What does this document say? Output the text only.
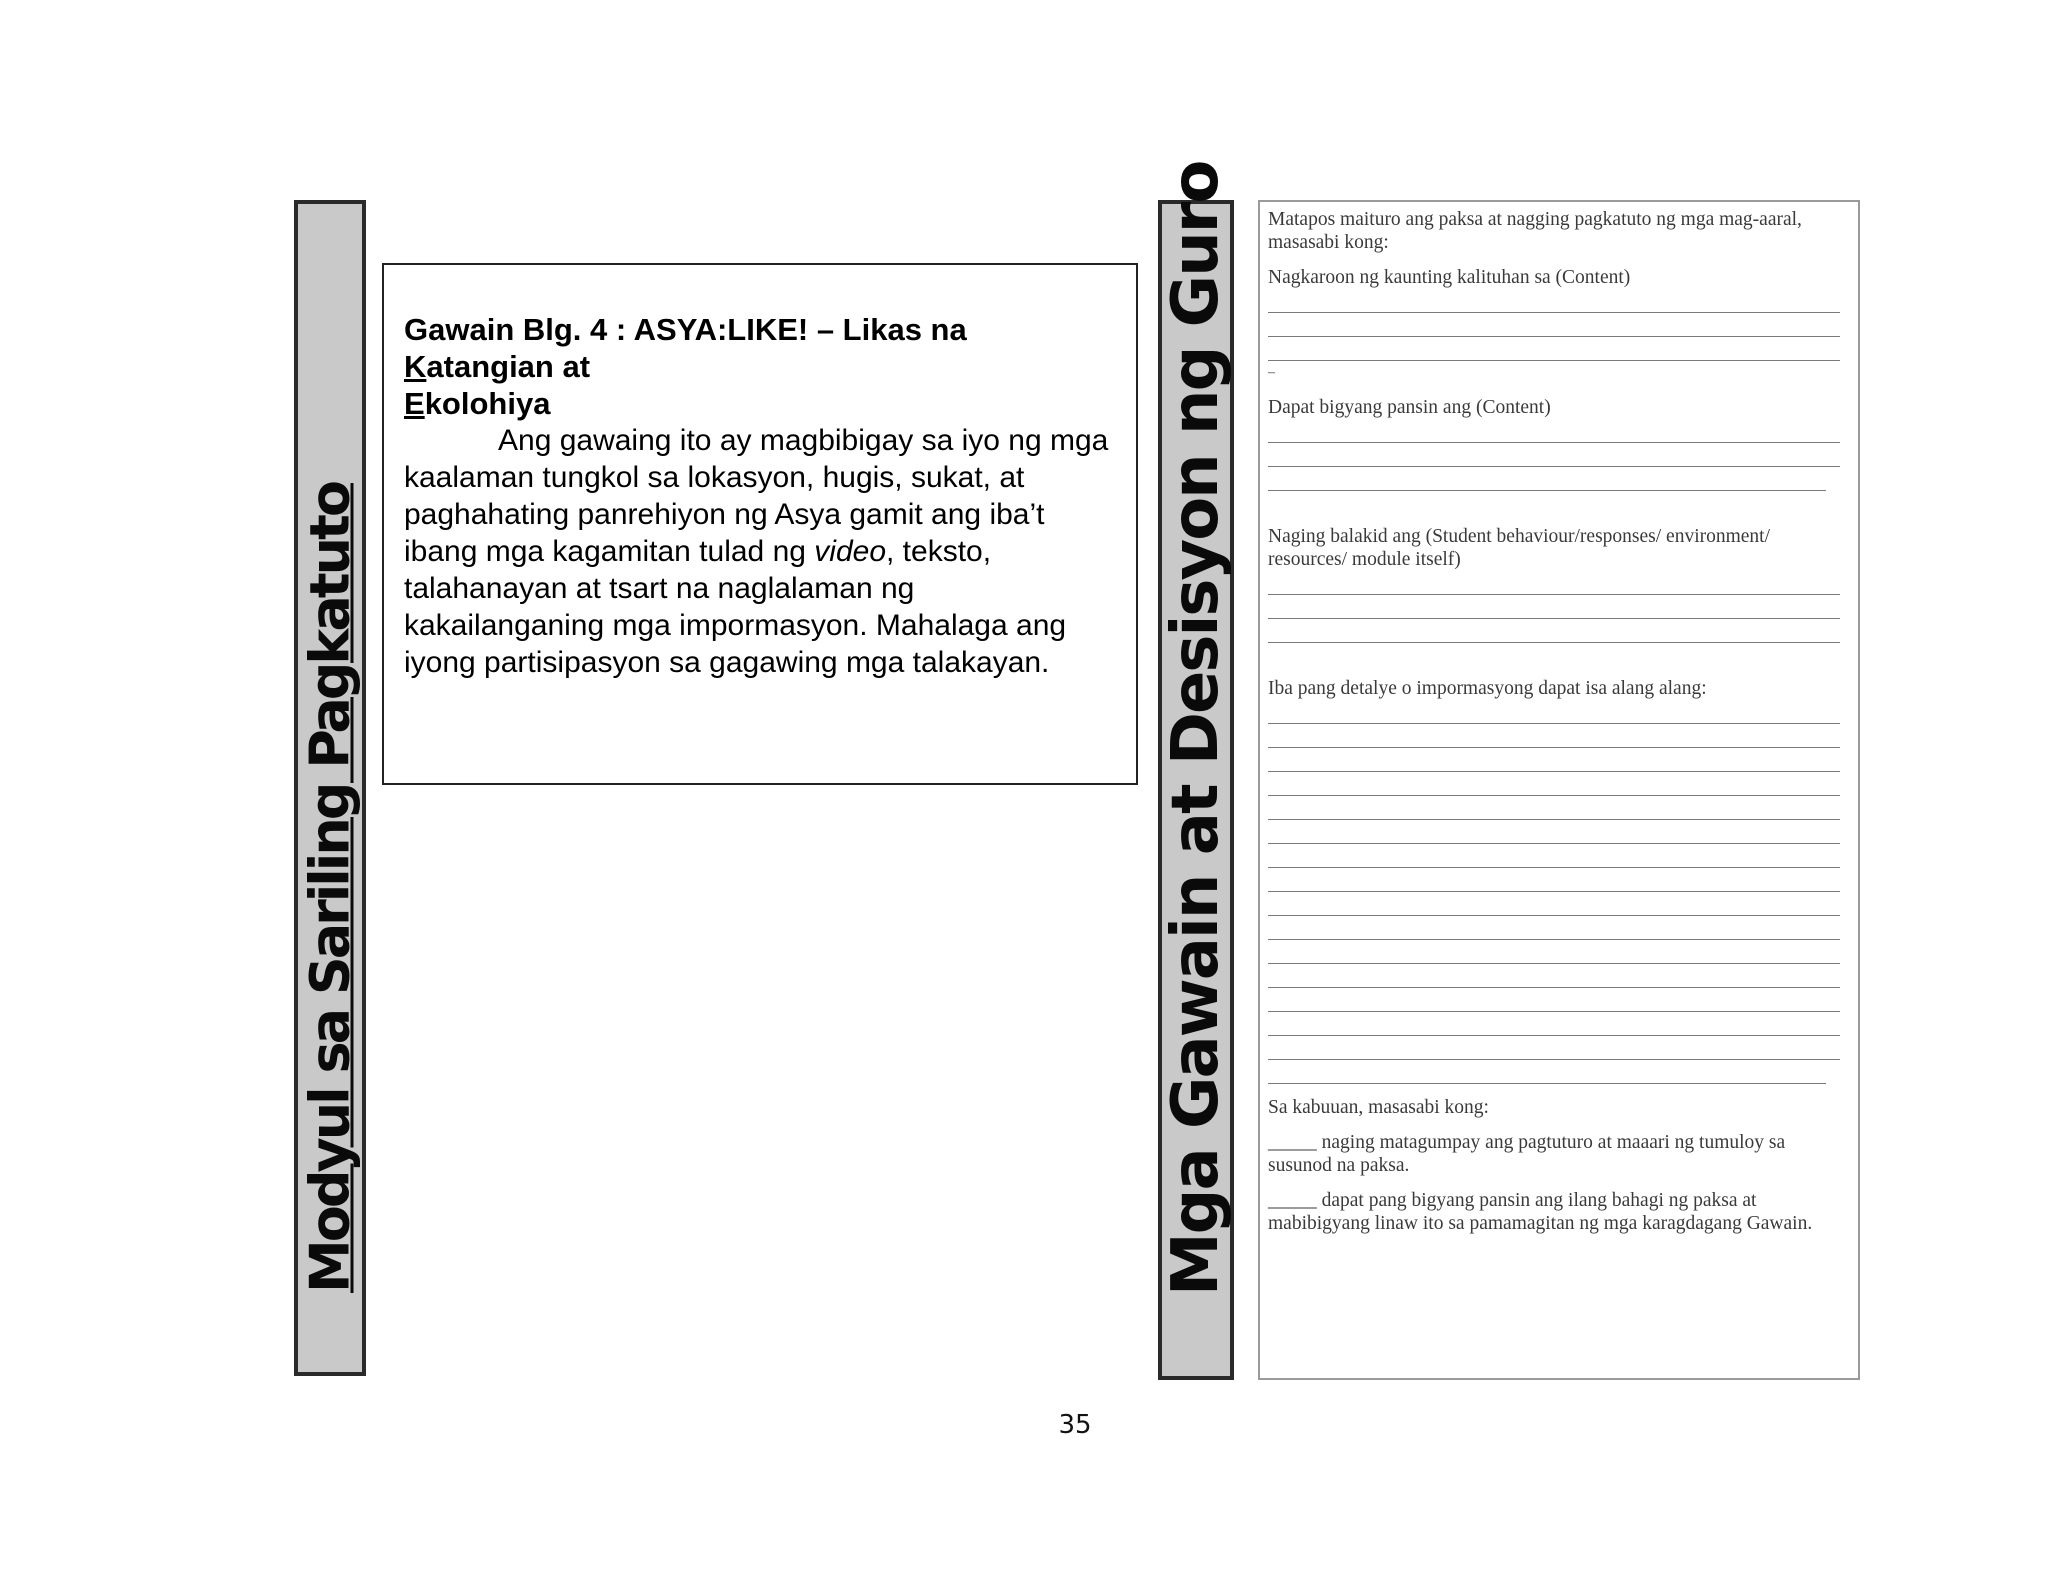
Modyul sa Sariling Pagkatuto

Gawain Blg. 4 : ASYA:LIKE! – Likas na
Katangian at
Ekolohiya

Ang gawaing ito ay magbibigay sa iyo ng mga kaalaman tungkol sa lokasyon, hugis, sukat, at paghahating panrehiyon ng Asya gamit ang iba’t ibang mga kagamitan tulad ng video, teksto, talahanayan at tsart na naglalaman ng kakailanganing mga impormasyon. Mahalaga ang iyong partisipasyon sa gagawing mga talakayan.	Mga Gawain at Desisyon ng Guro Matapos maituro ang paksa at nagging pagkatuto ng mga mag-aaral, masasabi kong:

Nagkaroon ng kaunting kalituhan sa (Content)

–

Dapat bigyang pansin ang (Content)

Naging balakid ang (Student behaviour/responses/ environment/ resources/ module itself)

Iba pang detalye o impormasyong dapat isa alang alang:

Sa kabuuan, masasabi kong:

_____ naging matagumpay ang pagtuturo at maaari ng tumuloy sa susunod na paksa.

_____ dapat pang bigyang pansin ang ilang bahagi ng paksa at mabibigyang linaw ito sa pamamagitan ng mga karagdagang Gawain.

35
